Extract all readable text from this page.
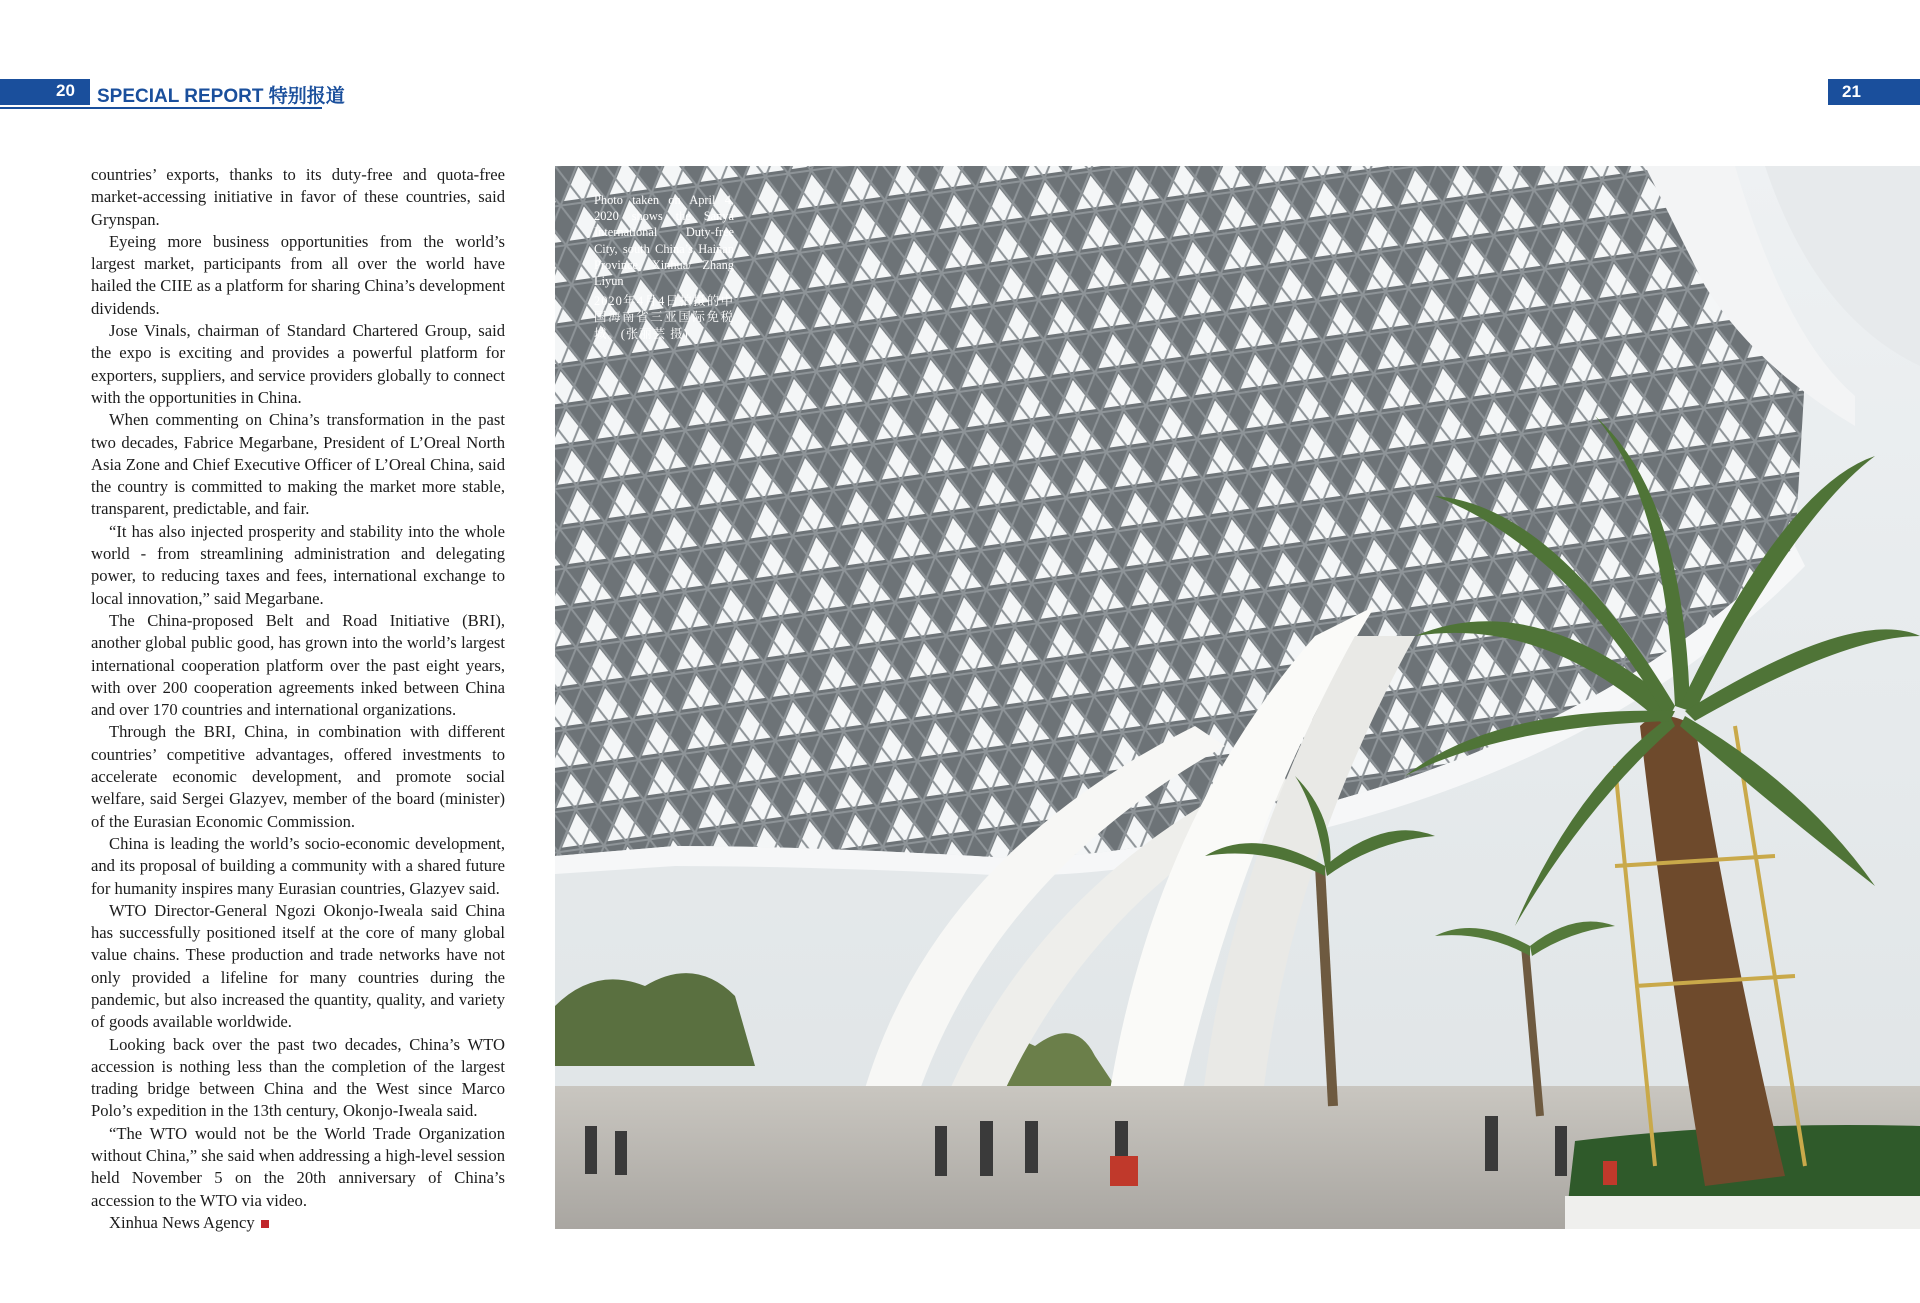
20 SPECIAL REPORT 特别报道	21

countries’ exports, thanks to its duty-free and quota-free market-accessing initiative in favor of these countries, said Grynspan.

Eyeing more business opportunities from the world’s largest market, participants from all over the world have hailed the CIIE as a platform for sharing China’s development dividends.

Jose Vinals, chairman of Standard Chartered Group, said the expo is exciting and provides a powerful platform for exporters, suppliers, and service providers globally to connect with the opportunities in China.

When commenting on China’s transformation in the past two decades, Fabrice Megarbane, President of L’Oreal North Asia Zone and Chief Executive Officer of L’Oreal China, said the country is committed to making the market more stable, transparent, predictable, and fair.

“It has also injected prosperity and stability into the whole world - from streamlining administration and delegating power, to reducing taxes and fees, international exchange to local innovation,” said Megarbane.

The China-proposed Belt and Road Initiative (BRI), another global public good, has grown into the world’s largest international cooperation platform over the past eight years, with over 200 cooperation agreements inked between China and over 170 countries and international organizations.

Through the BRI, China, in combination with different countries’ competitive advantages, offered investments to accelerate economic development, and promote social welfare, said Sergei Glazyev, member of the board (minister) of the Eurasian Economic Commission.

China is leading the world’s socio-economic development, and its proposal of building a community with a shared future for humanity inspires many Eurasian countries, Glazyev said.

WTO Director-General Ngozi Okonjo-Iweala said China has successfully positioned itself at the core of many global value chains. These production and trade networks have not only provided a lifeline for many countries during the pandemic, but also increased the quantity, quality, and variety of goods available worldwide.

Looking back over the past two decades, China’s WTO accession is nothing less than the completion of the largest trading bridge between China and the West since Marco Polo’s expedition in the 13th century, Okonjo-Iweala said.

“The WTO would not be the World Trade Organization without China,” she said when addressing a high-level session held November 5 on the 20th anniversary of China’s accession to the WTO via video.

Xinhua News Agency

Photo taken on April 4, 2020 shows the Sanya International Duty-free City, south China’s Hainan Province. Xinhua/ Zhang Liyun

2020年4月4日拍摄的中国海南省三亚国际免税城。(张丽芸 摄)
